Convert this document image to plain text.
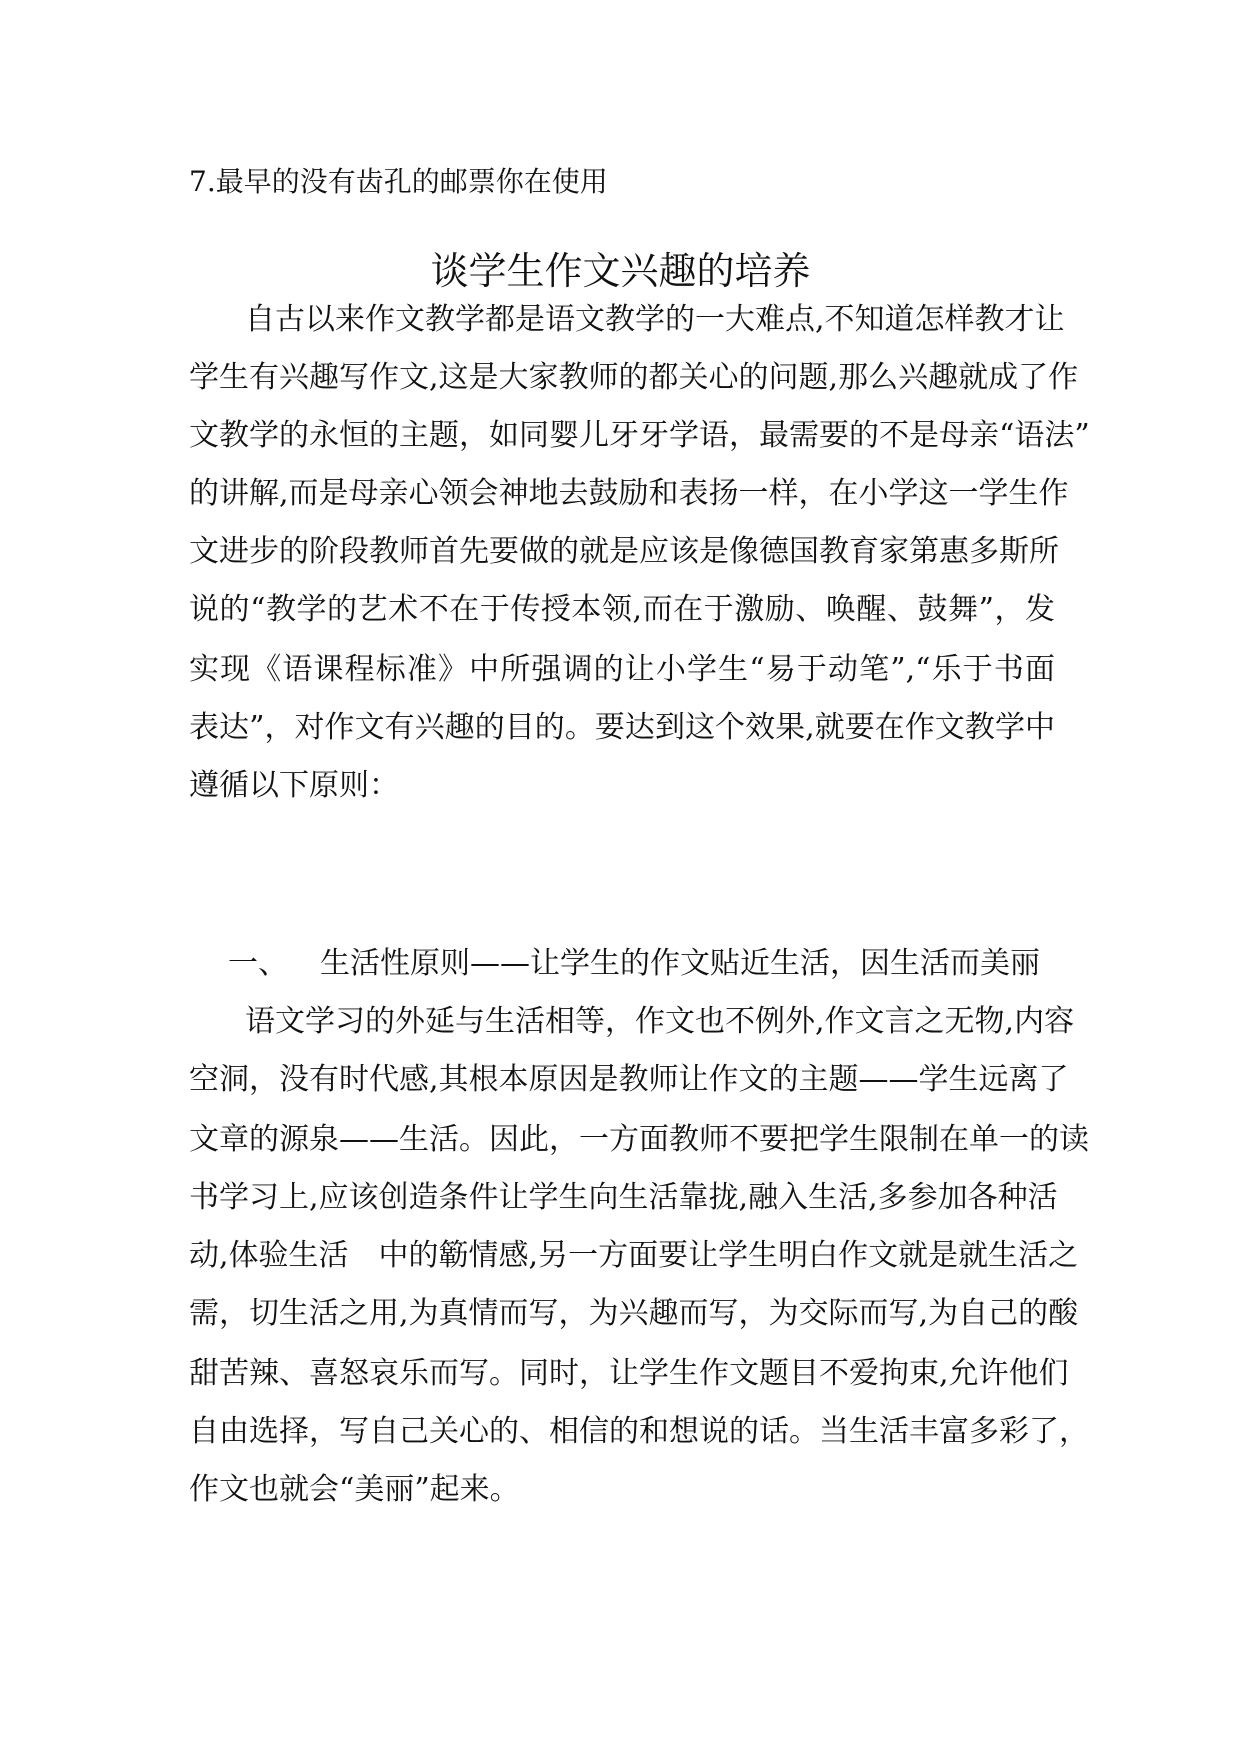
7.最早的没有齿孔的邮票你在使用

谈学生作文兴趣的培养

自古以来作文教学都是语文教学的一大难点,不知道怎样教才让

学生有兴趣写作文,这是大家教师的都关心的问题,那么兴趣就成了作

文教学的永恒的主题，如同婴儿牙牙学语，最需要的不是母亲“语法”

的讲解,而是母亲心领会神地去鼓励和表扬一样，在小学这一学生作

文进步的阶段教师首先要做的就是应该是像德国教育家第惠多斯所

说的“教学的艺术不在于传授本领,而在于激励、唤醒、鼓舞”，发

实现《语课程标准》中所强调的让小学生“易于动笔”,“乐于书面

表达”，对作文有兴趣的目的。要达到这个效果,就要在作文教学中

遵循以下原则：

一、 生活性原则——让学生的作文贴近生活，因生活而美丽

语文学习的外延与生活相等，作文也不例外,作文言之无物,内容

空洞，没有时代感,其根本原因是教师让作文的主题——学生远离了

文章的源泉——生活。因此，一方面教师不要把学生限制在单一的读

书学习上,应该创造条件让学生向生活靠拢,融入生活,多参加各种活

动,体验生活　中的簕情感,另一方面要让学生明白作文就是就生活之

需，切生活之用,为真情而写，为兴趣而写，为交际而写,为自己的酸

甜苦辣、喜怒哀乐而写。同时，让学生作文题目不爱拘束,允许他们

自由选择，写自己关心的、相信的和想说的话。当生活丰富多彩了，

作文也就会“美丽”起来。
